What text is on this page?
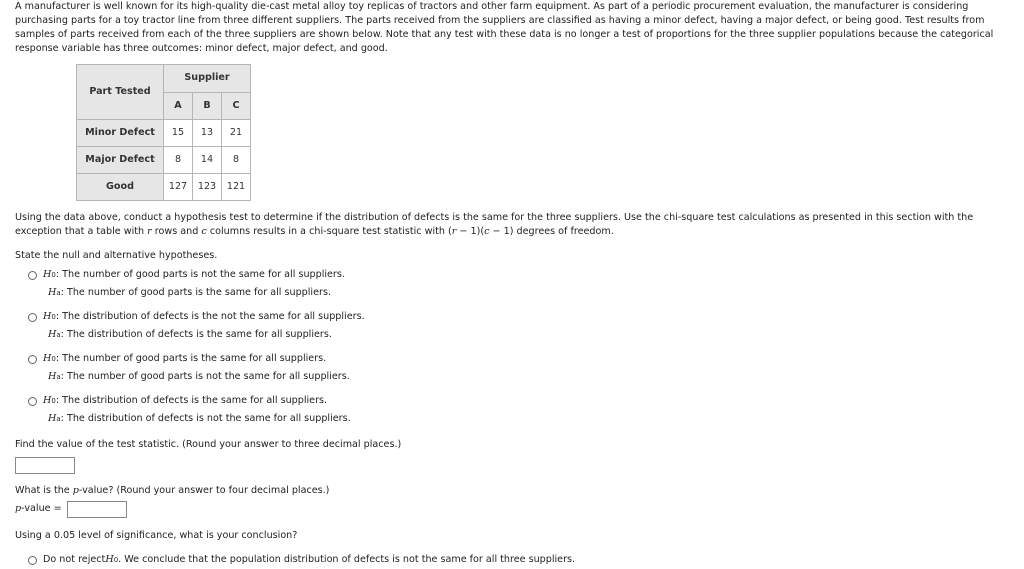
A manufacturer is well known for its high-quality die-cast metal alloy toy replicas of tractors and other farm equipment. As part of a periodic procurement evaluation, the manufacturer is considering purchasing parts for a toy tractor line from three different suppliers. The parts received from the suppliers are classified as having a minor defect, having a major defect, or being good. Test results from samples of parts received from each of the three suppliers are shown below. Note that any test with these data is no longer a test of proportions for the three supplier populations because the categorical response variable has three outcomes: minor defect, major defect, and good.

Part Tested	Supplier		
	A	B	C
Minor Defect	15	13	21
Major Defect	8	14	8
Good	127	123	121

Using the data above, conduct a hypothesis test to determine if the distribution of defects is the same for the three suppliers. Use the chi-square test calculations as presented in this section with the exception that a table with r rows and c columns results in a chi-square test statistic with (r − 1)(c − 1) degrees of freedom.

State the null and alternative hypotheses.
H 0 : The number of good parts is not the same for all suppliers.
H a : The number of good parts is the same for all suppliers.
H 0 : The distribution of defects is the not the same for all suppliers.
H a : The distribution of defects is the same for all suppliers.
H 0 : The number of good parts is the same for all suppliers.
H a : The number of good parts is not the same for all suppliers.
H 0 : The distribution of defects is the same for all suppliers.
H a : The distribution of defects is not the same for all suppliers.
Find the value of the test statistic. (Round your answer to three decimal places.)
What is the p-value? (Round your answer to four decimal places.)
p-value =
Using a 0.05 level of significance, what is your conclusion?
Do not reject H 0 . We conclude that the population distribution of defects is not the same for all three suppliers.
